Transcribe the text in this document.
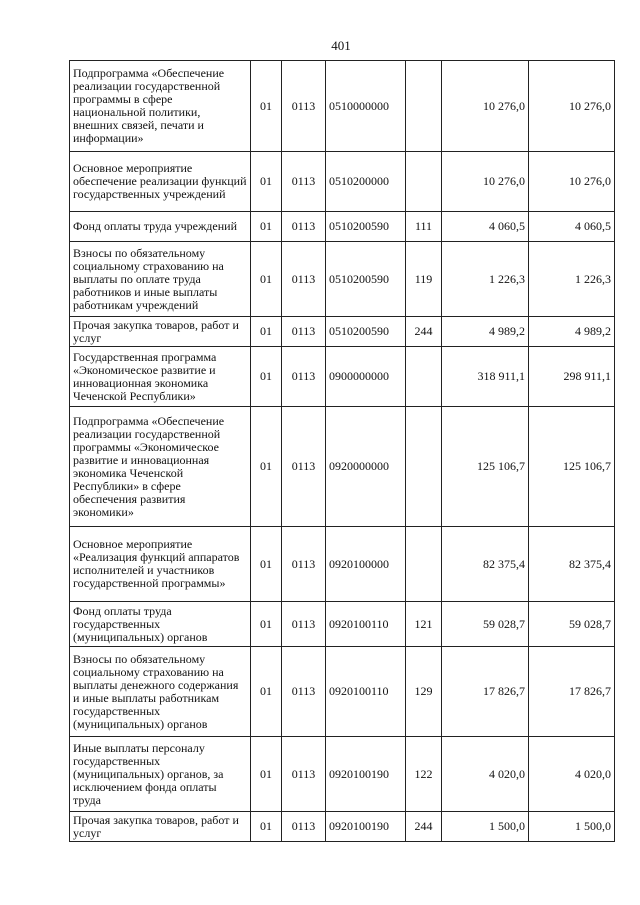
401
Подпрограмма «Обеспечение реализации государственной программы в сфере национальной политики, внешних связей, печати и информации»	01	0113	0510000000		10 276,0	10 276,0
Основное мероприятие обеспечение реализации функций государственных учреждений	01	0113	0510200000		10 276,0	10 276,0
Фонд оплаты труда учреждений	01	0113	0510200590	111	4 060,5	4 060,5
Взносы по обязательному социальному страхованию на выплаты по оплате труда работников и иные выплаты работникам учреждений	01	0113	0510200590	119	1 226,3	1 226,3
Прочая закупка товаров, работ и услуг	01	0113	0510200590	244	4 989,2	4 989,2
Государственная программа «Экономическое развитие и инновационная экономика Чеченской Республики»	01	0113	0900000000		318 911,1	298 911,1
Подпрограмма «Обеспечение реализации государственной программы «Экономическое развитие и инновационная экономика Чеченской Республики» в сфере обеспечения развития экономики»	01	0113	0920000000		125 106,7	125 106,7
Основное мероприятие «Реализация функций аппаратов исполнителей и участников государственной программы»	01	0113	0920100000		82 375,4	82 375,4
Фонд оплаты труда государственных (муниципальных) органов	01	0113	0920100110	121	59 028,7	59 028,7
Взносы по обязательному социальному страхованию на выплаты денежного содержания и иные выплаты работникам государственных (муниципальных) органов	01	0113	0920100110	129	17 826,7	17 826,7
Иные выплаты персоналу государственных (муниципальных) органов, за исключением фонда оплаты труда	01	0113	0920100190	122	4 020,0	4 020,0
Прочая закупка товаров, работ и услуг	01	0113	0920100190	244	1 500,0	1 500,0
